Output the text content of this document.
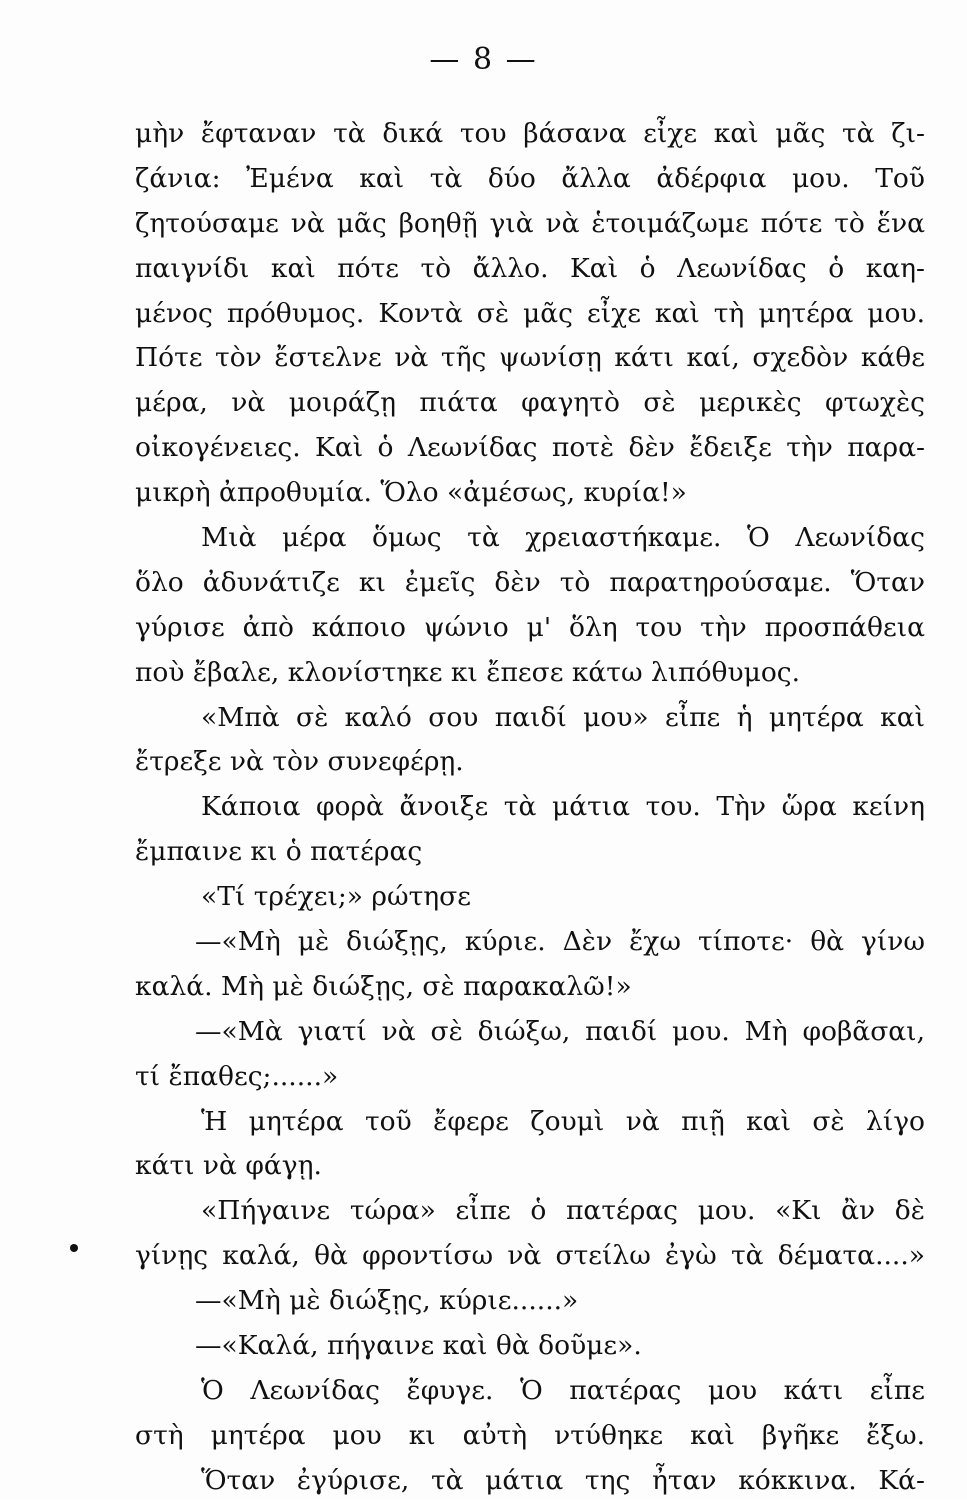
— 8 —
μὴν ἔφταναν τὰ δικά του βάσανα εἶχε καὶ μᾶς τὰ ζι-
ζάνια: Ἐμένα καὶ τὰ δύο ἄλλα ἀδέρφια μου. Τοῦ
ζητούσαμε νὰ μᾶς βοηθῇ γιὰ νὰ ἑτοιμάζωμε πότε τὸ ἕνα
παιγνίδι καὶ πότε τὸ ἄλλο. Καὶ ὁ Λεωνίδας ὁ καη-
μένος πρόθυμος. Κοντὰ σὲ μᾶς εἶχε καὶ τὴ μητέρα μου.
Πότε τὸν ἔστελνε νὰ τῆς ψωνίσῃ κάτι καί, σχεδὸν κάθε
μέρα, νὰ μοιράζῃ πιάτα φαγητὸ σὲ μερικὲς φτωχὲς
οἰκογένειες. Καὶ ὁ Λεωνίδας ποτὲ δὲν ἔδειξε τὴν παρα-
μικρὴ ἀπροθυμία. Ὅλο «ἀμέσως, κυρία!»
Μιὰ μέρα ὅμως τὰ χρειαστήκαμε. Ὁ Λεωνίδας
ὅλο ἀδυνάτιζε κι ἐμεῖς δὲν τὸ παρατηρούσαμε. Ὅταν
γύρισε ἀπὸ κάποιο ψώνιο μ' ὅλη του τὴν προσπάθεια
ποὺ ἔβαλε, κλονίστηκε κι ἔπεσε κάτω λιπόθυμος.
«Μπὰ σὲ καλό σου παιδί μου» εἶπε ἡ μητέρα καὶ
ἔτρεξε νὰ τὸν συνεφέρῃ.
Κάποια φορὰ ἄνοιξε τὰ μάτια του. Τὴν ὥρα κείνη
ἔμπαινε κι ὁ πατέρας
«Τί τρέχει;» ρώτησε
—«Μὴ μὲ διώξῃς, κύριε. Δὲν ἔχω τίποτε· θὰ γίνω
καλά. Μὴ μὲ διώξῃς, σὲ παρακαλῶ!»
—«Μὰ γιατί νὰ σὲ διώξω, παιδί μου. Μὴ φοβᾶσαι,
τί ἔπαθες;......»
Ἡ μητέρα τοῦ ἔφερε ζουμὶ νὰ πιῇ καὶ σὲ λίγο
κάτι νὰ φάγῃ.
«Πήγαινε τώρα» εἶπε ὁ πατέρας μου. «Κι ἂν δὲ
γίνῃς καλά, θὰ φροντίσω νὰ στείλω ἐγὼ τὰ δέματα....»
—«Μὴ μὲ διώξῃς, κύριε......»
—«Καλά, πήγαινε καὶ θὰ δοῦμε».
Ὁ Λεωνίδας ἔφυγε. Ὁ πατέρας μου κάτι εἶπε
στὴ μητέρα μου κι αὐτὴ ντύθηκε καὶ βγῆκε ἔξω.
Ὅταν ἐγύρισε, τὰ μάτια της ἦταν κόκκινα. Κά-
